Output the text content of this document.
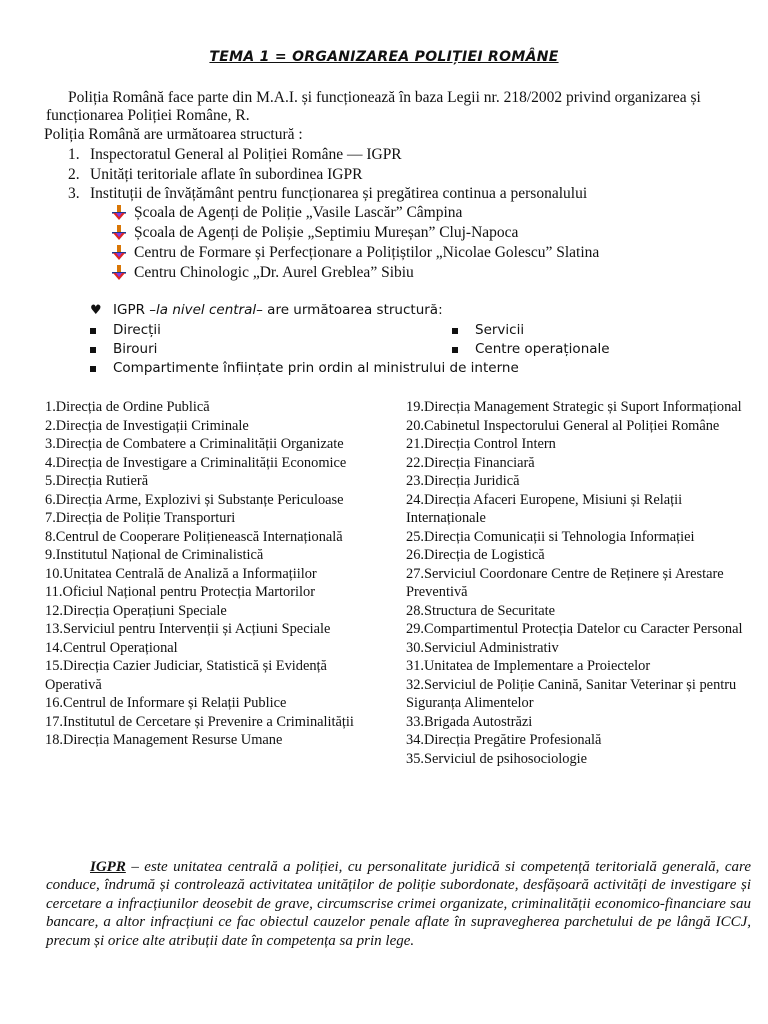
TEMA 1 = ORGANIZAREA POLIȚIEI ROMÂNE

Poliția Română face parte din M.A.I. și funcționează în baza Legii nr. 218/2002 privind organizarea și funcționarea Poliției Române, R.

Poliția Română are următoarea structură :

1. Inspectoratul General al Poliției Române — IGPR
2. Unități teritoriale aflate în subordinea IGPR
3. Instituții de învățământ pentru funcționarea și pregătirea continua a personalului
Școala de Agenți de Poliție „Vasile Lascăr” Câmpina
Școala de Agenți de Polișie „Septimiu Mureșan” Cluj-Napoca
Centru de Formare și Perfecționare a Polițiștilor „Nicolae Golescu” Slatina
Centru Chinologic „Dr. Aurel Greblea” Sibiu
♥ IGPR – la nivel central – are următoarea structură:
Direcții
Birouri
Compartimente înființate prin ordin al ministrului de interne
Servicii
Centre operaționale
1.Direcția de Ordine Publică
2.Direcția de Investigații Criminale
3.Direcția de Combatere a Criminalității Organizate
4.Direcția de Investigare a Criminalității Economice
5.Direcția Rutieră
6.Direcția Arme, Explozivi și Substanțe Periculoase
7.Direcția de Poliție Transporturi
8.Centrul de Cooperare Polițienească Internațională
9.Institutul Național de Criminalistică
10.Unitatea Centrală de Analiză a Informațiilor
11.Oficiul Național pentru Protecția Martorilor
12.Direcția Operațiuni Speciale
13.Serviciul pentru Intervenții și Acțiuni Speciale
14.Centrul Operațional
15.Direcția Cazier Judiciar, Statistică și Evidență Operativă
16.Centrul de Informare și Relații Publice
17.Institutul de Cercetare și Prevenire a Criminalității
18.Direcția Management Resurse Umane
19.Direcția Management Strategic și Suport Informațional
20.Cabinetul Inspectorului General al Poliției Române
21.Direcția Control Intern
22.Direcția Financiară
23.Direcția Juridică
24.Direcția Afaceri Europene, Misiuni și Relații Internaționale
25.Direcția Comunicații si Tehnologia Informației
26.Direcția de Logistică
27.Serviciul Coordonare Centre de Reținere și Arestare Preventivă
28.Structura de Securitate
29.Compartimentul Protecția Datelor cu Caracter Personal
30.Serviciul Administrativ
31.Unitatea de Implementare a Proiectelor
32.Serviciul de Poliție Canină, Sanitar Veterinar și pentru Siguranța Alimentelor
33.Brigada Autostrăzi
34.Direcția Pregătire Profesională
35.Serviciul de psihosociologie

IGPR – este unitatea centrală a poliției, cu personalitate juridică si competență teritorială generală, care conduce, îndrumă și controlează activitatea unităților de poliție subordonate, desfășoară activități de investigare și cercetare a infracțiunilor deosebit de grave, circumscrise crimei organizate, criminalității economico-financiare sau bancare, a altor infracțiuni ce fac obiectul cauzelor penale aflate în supravegherea parchetului de pe lângă ICCJ, precum și orice alte atribuții date în competența sa prin lege.
